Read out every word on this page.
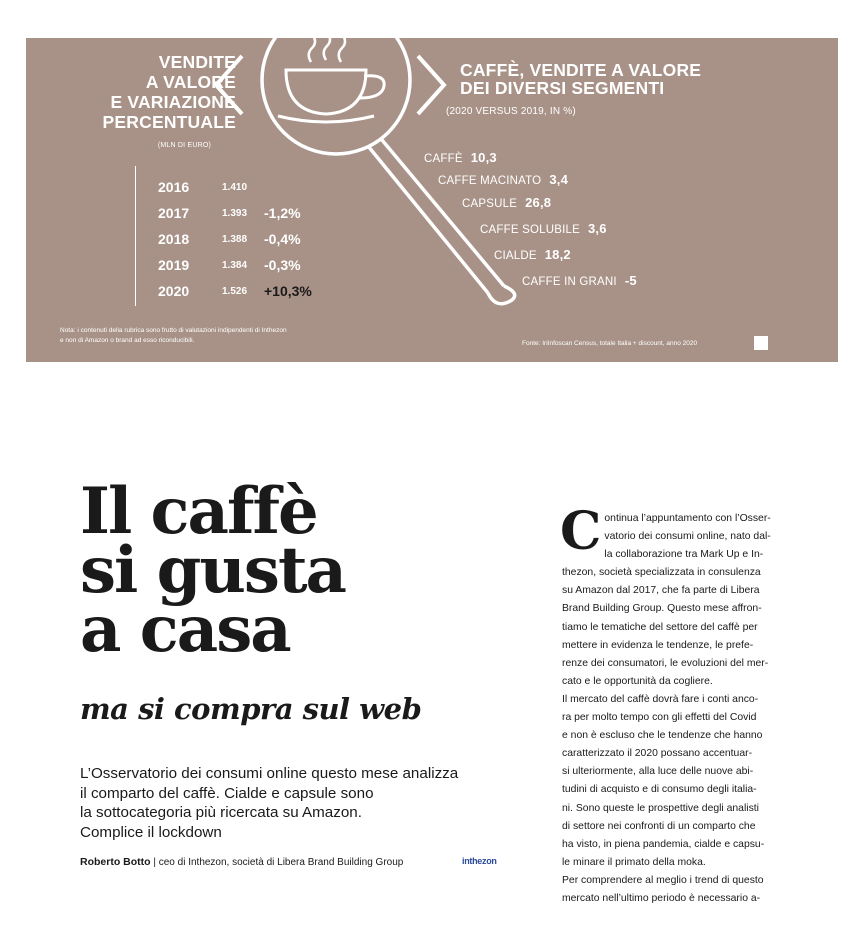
VENDITE
A VALORE
E VARIAZIONE
PERCENTUALE
(MLN DI EURO)
2016	1.410
2017	1.393	-1,2%
2018	1.388	-0,4%
2019	1.384	-0,3%
2020	1.526	+10,3%
CAFFÈ, VENDITE A VALORE
DEI DIVERSI SEGMENTI
(2020 VERSUS 2019, IN %)
CAFFÈ 10,3
CAFFE MACINATO 3,4
CAPSULE 26,8
CAFFE SOLUBILE 3,6
CIALDE 18,2
CAFFE IN GRANI -5
Nota: i contenuti della rubrica sono frutto di valutazioni indipendenti di Inthezon
e non di Amazon o brand ad esso riconducibili.	Fonte: IriInfoscan Census, totale Italia + discount, anno 2020
Il caffè
si gusta
a casa
ma si compra sul web
L’Osservatorio dei consumi online questo mese analizza
il comparto del caffè. Cialde e capsule sono
la sottocategoria più ricercata su Amazon.
Complice il lockdown
Roberto Botto | ceo di Inthezon, società di Libera Brand Building Group	inthezon

C ontinua l’appuntamento con l’Osser-
vatorio dei consumi online, nato dal-
la collaborazione tra Mark Up e In-
thezon, società specializzata in consulenza
su Amazon dal 2017, che fa parte di Libera
Brand Building Group. Questo mese affron-
tiamo le tematiche del settore del caffè per
mettere in evidenza le tendenze, le prefe-
renze dei consumatori, le evoluzioni del mer-
cato e le opportunità da cogliere.

Il mercato del caffè dovrà fare i conti anco-
ra per molto tempo con gli effetti del Covid
e non è escluso che le tendenze che hanno
caratterizzato il 2020 possano accentuar-
si ulteriormente, alla luce delle nuove abi-
tudini di acquisto e di consumo degli italia-
ni. Sono queste le prospettive degli analisti
di settore nei confronti di un comparto che
ha visto, in piena pandemia, cialde e capsu-
le minare il primato della moka.

Per comprendere al meglio i trend di questo
mercato nell’ultimo periodo è necessario a-
